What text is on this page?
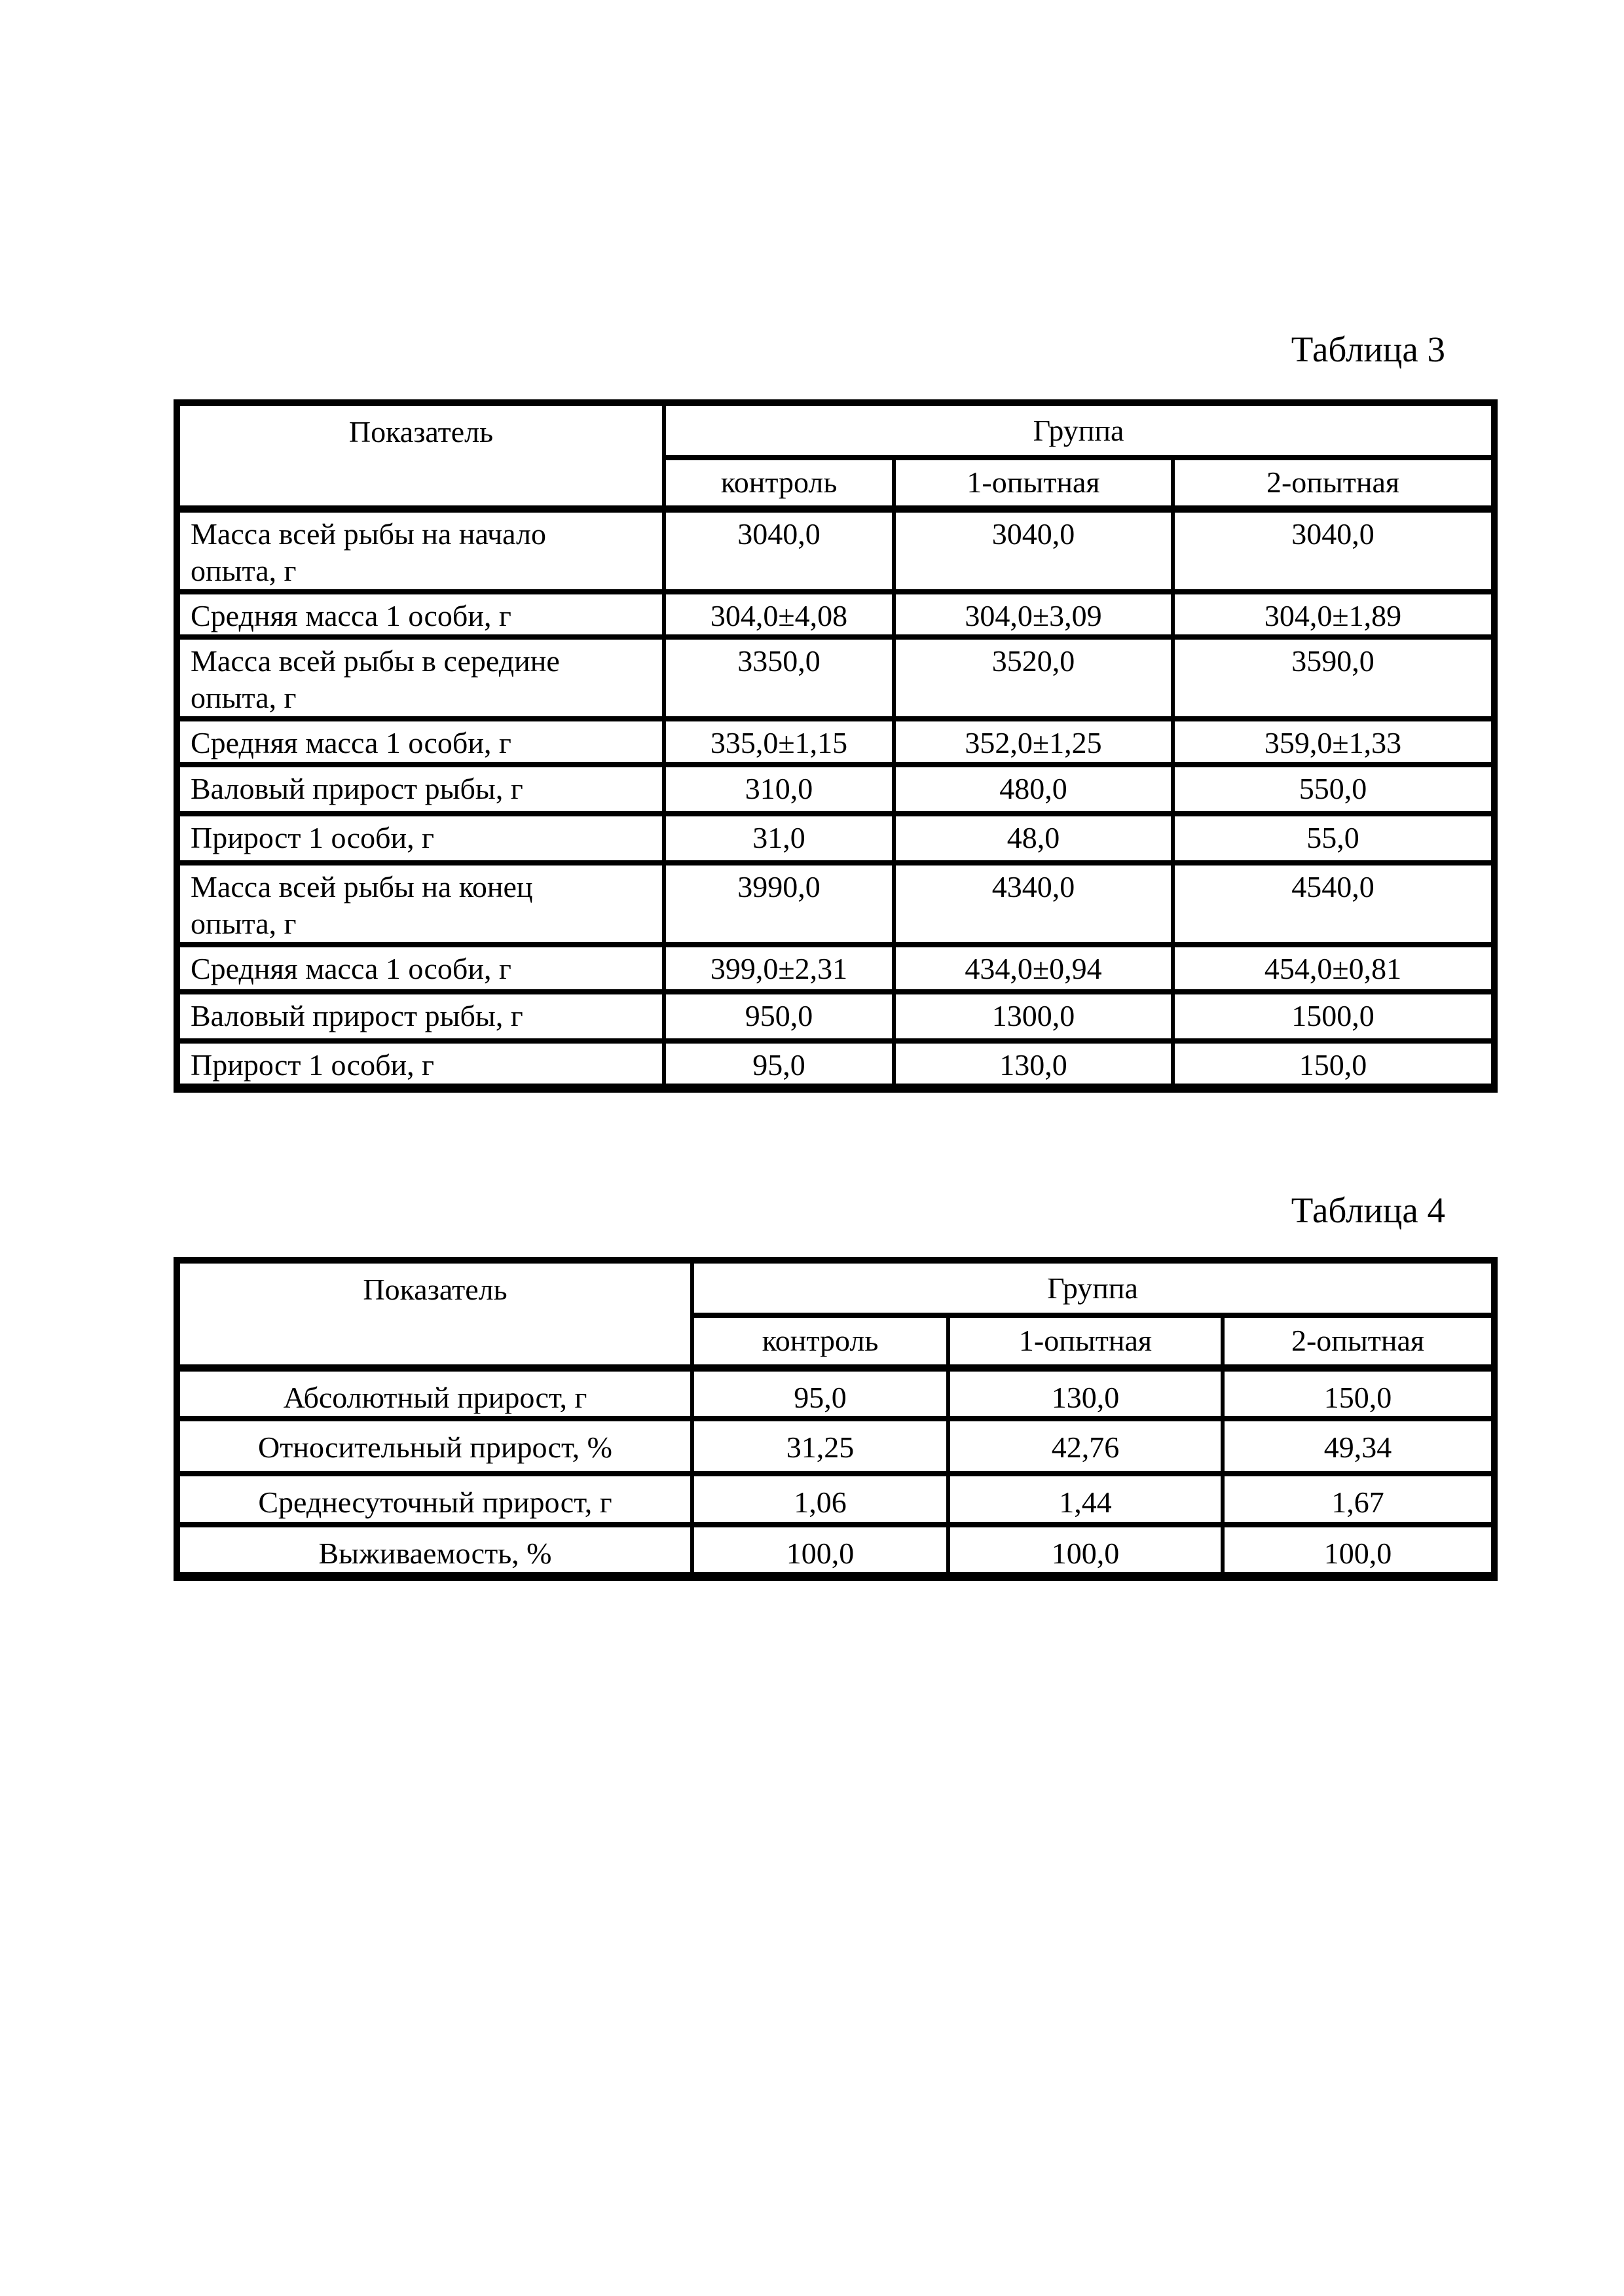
Таблица 3
Показатель	Группа		
	контроль	1-опытная	2-опытная
Масса всей рыбы на начало
опыта, г	3040,0	3040,0	3040,0
Средняя масса 1 особи, г	304,0±4,08	304,0±3,09	304,0±1,89
Масса всей рыбы в середине
опыта, г	3350,0	3520,0	3590,0
Средняя масса 1 особи, г	335,0±1,15	352,0±1,25	359,0±1,33
Валовый прирост рыбы, г	310,0	480,0	550,0
Прирост 1 особи, г	31,0	48,0	55,0
Масса всей рыбы на конец
опыта, г	3990,0	4340,0	4540,0
Средняя масса 1 особи, г	399,0±2,31	434,0±0,94	454,0±0,81
Валовый прирост рыбы, г	950,0	1300,0	1500,0
Прирост 1 особи, г	95,0	130,0	150,0
Таблица 4
Показатель	Группа		
	контроль	1-опытная	2-опытная
Абсолютный прирост, г	95,0	130,0	150,0
Относительный прирост, %	31,25	42,76	49,34
Среднесуточный прирост, г	1,06	1,44	1,67
Выживаемость, %	100,0	100,0	100,0
